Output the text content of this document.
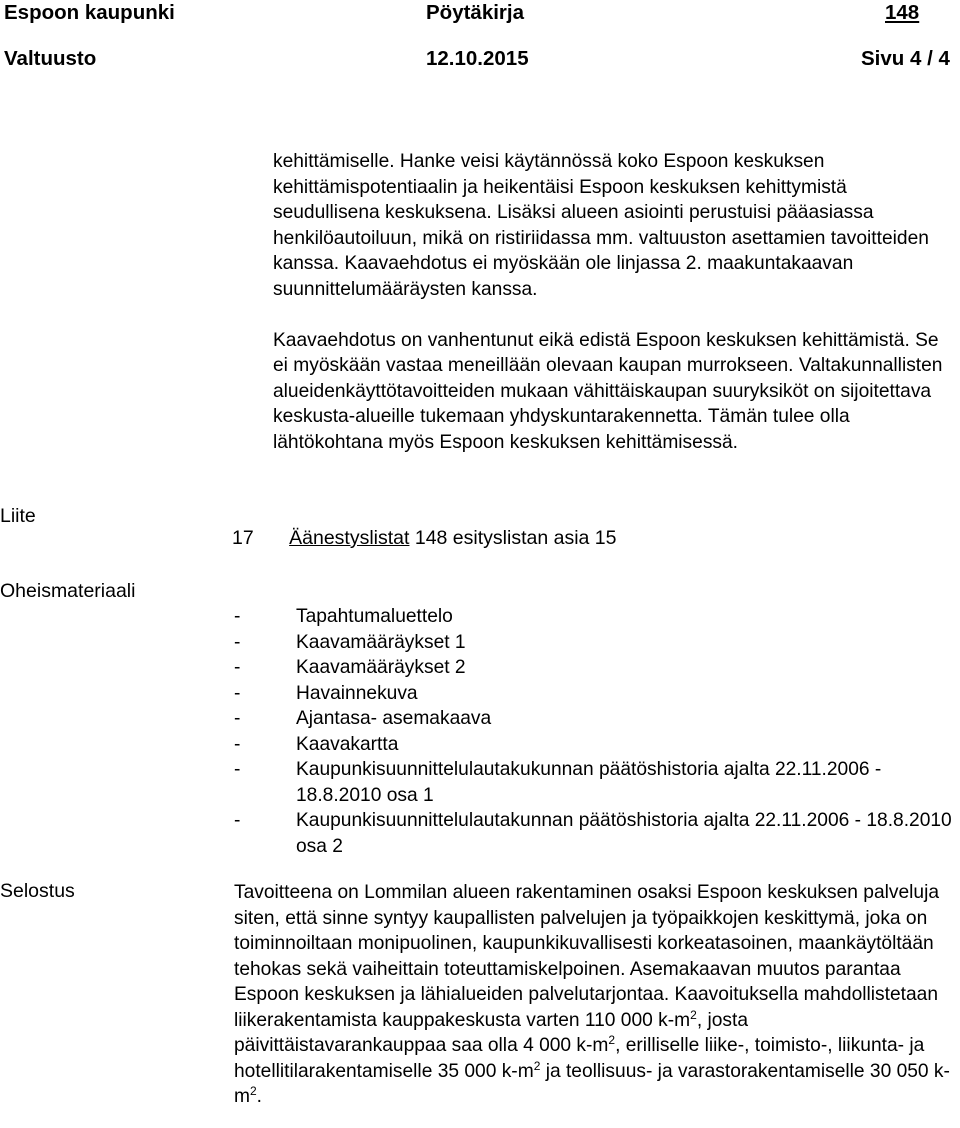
Espoon kaupunki	Pöytäkirja	148
Valtuusto	12.10.2015	Sivu 4 / 4

kehittämiselle. Hanke veisi käytännössä koko Espoon keskuksen kehittämispotentiaalin ja heikentäisi Espoon keskuksen kehittymistä seudullisena keskuksena. Lisäksi alueen asiointi perustuisi pääasiassa henkilöautoiluun, mikä on ristiriidassa mm. valtuuston asettamien tavoitteiden kanssa. Kaavaehdotus ei myöskään ole linjassa 2. maakuntakaavan suunnittelumääräysten kanssa.

Kaavaehdotus on vanhentunut eikä edistä Espoon keskuksen kehittämistä. Se ei myöskään vastaa meneillään olevaan kaupan murrokseen. Valtakunnallisten alueidenkäyttötavoitteiden mukaan vähittäiskaupan suuryksiköt on sijoitettava keskusta-alueille tukemaan yhdyskuntarakennetta. Tämän tulee olla lähtökohtana myös Espoon keskuksen kehittämisessä.

Liite
17 Äänestyslistat 148 esityslistan asia 15
Oheismateriaali
-	Tapahtumaluettelo
-	Kaavamääräykset 1
-	Kaavamääräykset 2
-	Havainnekuva
-	Ajantasa- asemakaava
-	Kaavakartta
-	Kaupunkisuunnittelulautakukunnan päätöshistoria ajalta 22.11.2006 - 18.8.2010 osa 1
-	Kaupunkisuunnittelulautakunnan päätöshistoria ajalta 22.11.2006 - 18.8.2010 osa 2
Selostus	Tavoitteena on Lommilan alueen rakentaminen osaksi Espoon keskuksen palveluja siten, että sinne syntyy kaupallisten palvelujen ja työpaikkojen keskittymä, joka on toiminnoiltaan monipuolinen, kaupunkikuvallisesti korkeatasoinen, maankäytöltään tehokas sekä vaiheittain toteuttamiskelpoinen. Asemakaavan muutos parantaa Espoon keskuksen ja lähialueiden palvelutarjontaa. Kaavoituksella mahdollistetaan liikerakentamista kauppakeskusta varten 110 000 $k-m^2$, josta päivittäistavarankauppaa saa olla 4 000 $k-m^2$, erilliselle liike-, toimisto-, liikunta- ja hotellitilarakentamiselle 35 000 $k-m^2$ ja teollisuus- ja varastorakentamiselle 30 050 $k-m^2$.
